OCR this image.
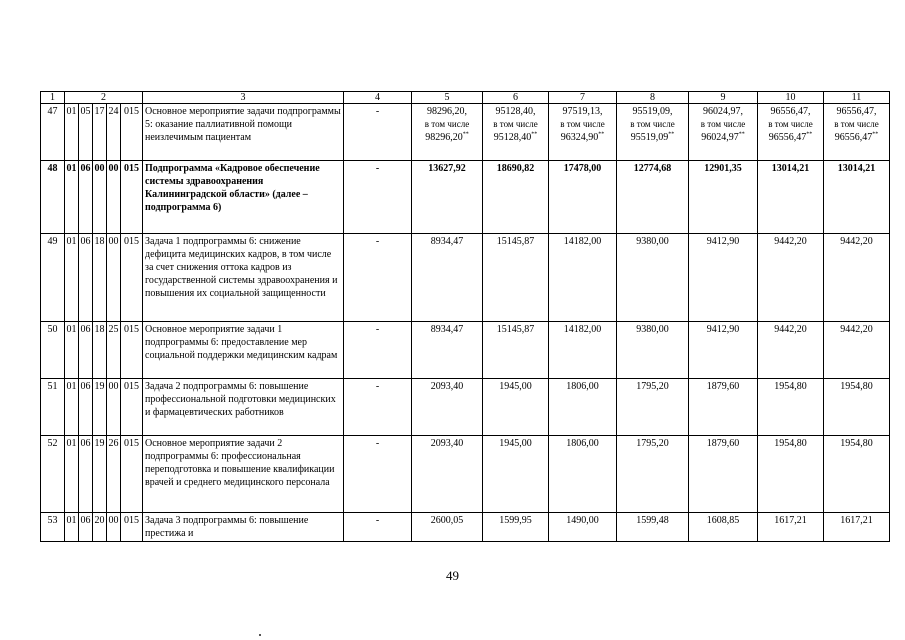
1	2					3	4	5	6	7	8	9	10	11
47	01	05	17	24	015	Основное мероприятие задачи подпрограммы 5: оказание паллиативной помощи неизлечимым пациентам	-	98296,20,
в том числе
98296,20**	95128,40,
в том числе
95128,40**	97519,13,
в том числе
96324,90**	95519,09,
в том числе
95519,09**	96024,97,
в том числе
96024,97**	96556,47,
в том числе
96556,47**	96556,47,
в том числе
96556,47**

48	01	06	00	00	015	Подпрограмма «Кадровое обеспечение системы здравоохранения Калининградской области» (далее – подпрограмма 6)	-	13627,92	18690,82	17478,00	12774,68	12901,35	13014,21	13014,21

49	01	06	18	00	015	Задача 1 подпрограммы 6: снижение дефицита медицинских кадров, в том числе за счет снижения оттока кадров из государственной системы здравоохранения и повышения их социальной защищенности	-	8934,47	15145,87	14182,00	9380,00	9412,90	9442,20	9442,20

50	01	06	18	25	015	Основное мероприятие задачи 1 подпрограммы 6: предоставление мер социальной поддержки медицинским кадрам	-	8934,47	15145,87	14182,00	9380,00	9412,90	9442,20	9442,20

51	01	06	19	00	015	Задача 2 подпрограммы 6: повышение профессиональной подготовки медицинских и фармацевтических работников	-	2093,40	1945,00	1806,00	1795,20	1879,60	1954,80	1954,80

52	01	06	19	26	015	Основное мероприятие задачи 2 подпрограммы 6: профессиональная переподготовка и повышение квалификации врачей и среднего медицинского персонала	-	2093,40	1945,00	1806,00	1795,20	1879,60	1954,80	1954,80

53	01	06	20	00	015	Задача 3 подпрограммы 6: повышение престижа и	-	2600,05	1599,95	1490,00	1599,48	1608,85	1617,21	1617,21
49
